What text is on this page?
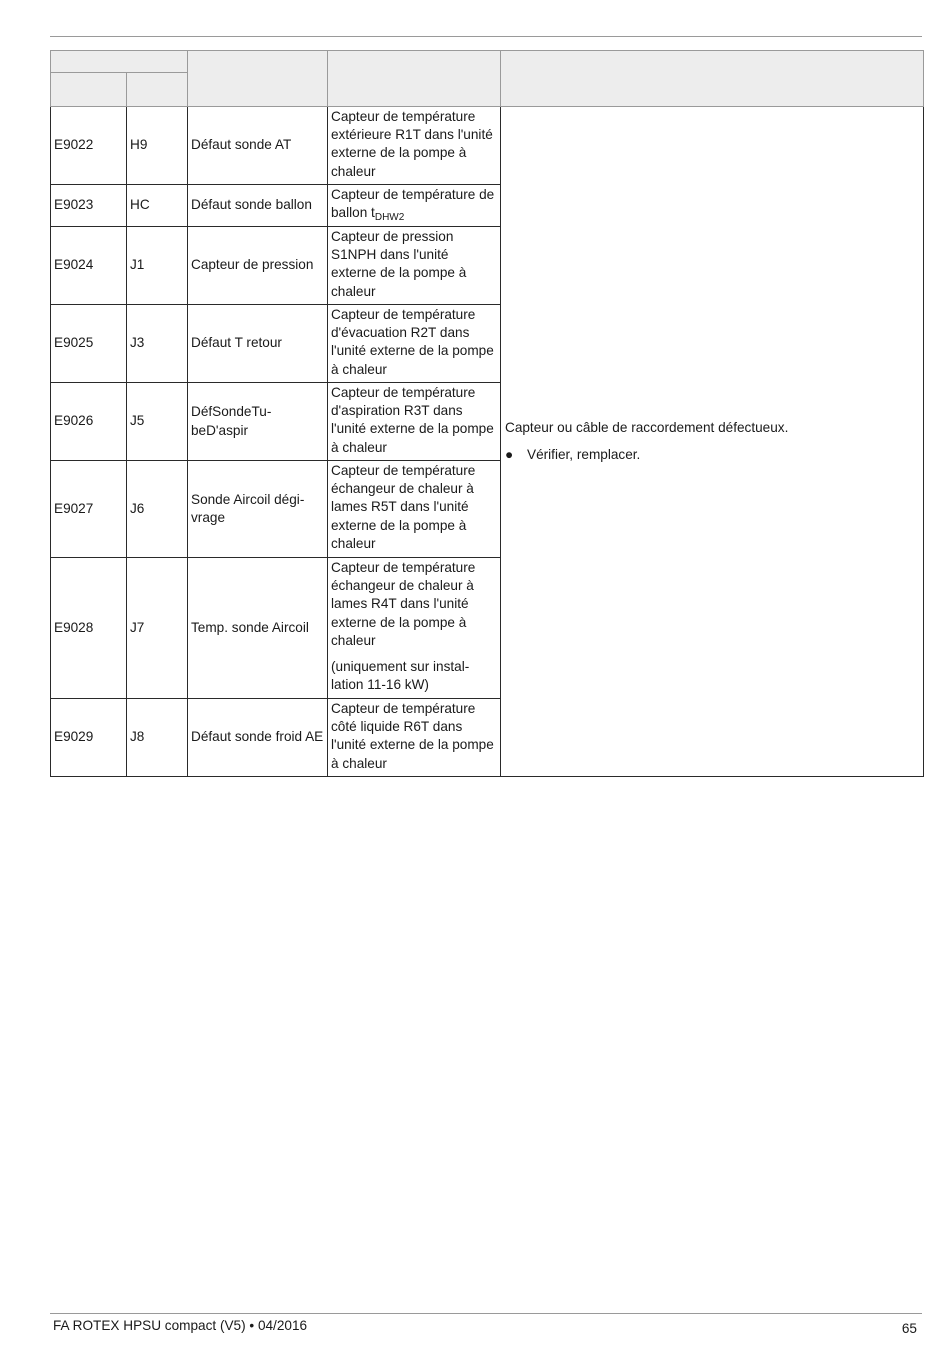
E9022	H9	Défaut sonde AT	Capteur de température extérieure R1T dans l'unité externe de la pompe à chaleur	Capteur ou câble de raccordement défectueux.

● Vérifier, remplacer.

E9023	HC	Défaut sonde ballon	Capteur de température de ballon $t_{DHW2}$

E9024	J1	Capteur de pression	Capteur de pression S1NPH dans l'unité externe de la pompe à chaleur	

E9025	J3	Défaut T retour	Capteur de température d'évacuation R2T dans l'unité externe de la pompe à chaleur	

E9026	J5	DéfSondeTu-beD'aspir	Capteur de température d'aspiration R3T dans l'unité externe de la pompe à chaleur	

E9027	J6	Sonde Aircoil dégi-vrage	Capteur de température échangeur de chaleur à lames R5T dans l'unité externe de la pompe à chaleur	

E9028	J7	Temp. sonde Aircoil	Capteur de température échangeur de chaleur à lames R4T dans l'unité externe de la pompe à chaleur

(uniquement sur instal-lation 11-16 kW)	

E9029	J8	Défaut sonde froid AE	Capteur de température côté liquide R6T dans l'unité externe de la pompe à chaleur	

FA ROTEX HPSU compact (V5) • 04/2016	65
